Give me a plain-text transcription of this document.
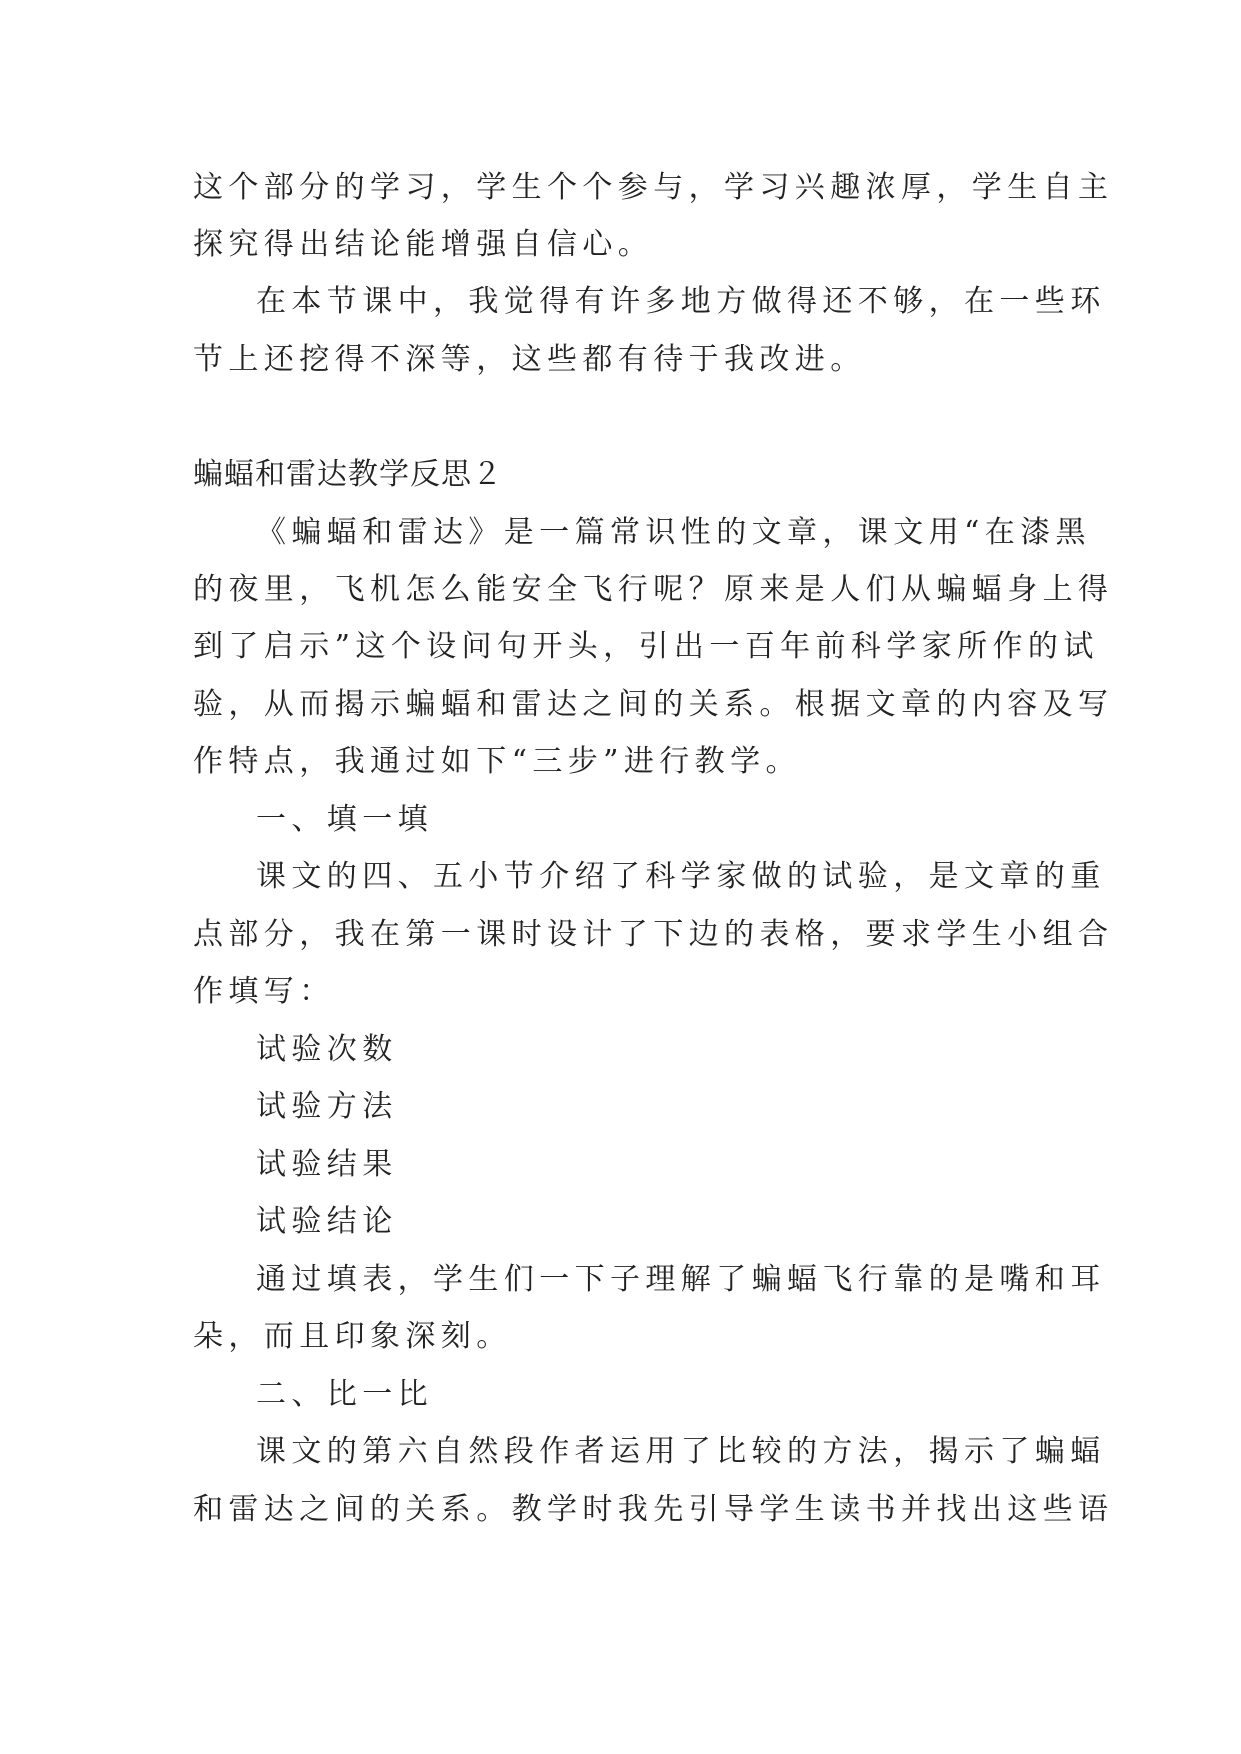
这个部分的学习，学生个个参与，学习兴趣浓厚，学生自主
探究得出结论能增强自信心。
在本节课中，我觉得有许多地方做得还不够，在一些环
节上还挖得不深等，这些都有待于我改进。
蝙蝠和雷达教学反思２
《蝙蝠和雷达》是一篇常识性的文章，课文用“在漆黑
的夜里，飞机怎么能安全飞行呢？原来是人们从蝙蝠身上得
到了启示”这个设问句开头，引出一百年前科学家所作的试
验，从而揭示蝙蝠和雷达之间的关系。根据文章的内容及写
作特点，我通过如下“三步”进行教学。
一、填一填
课文的四、五小节介绍了科学家做的试验，是文章的重
点部分，我在第一课时设计了下边的表格，要求学生小组合
作填写：
试验次数
试验方法
试验结果
试验结论
通过填表，学生们一下子理解了蝙蝠飞行靠的是嘴和耳
朵，而且印象深刻。
二、比一比
课文的第六自然段作者运用了比较的方法，揭示了蝙蝠
和雷达之间的关系。教学时我先引导学生读书并找出这些语
